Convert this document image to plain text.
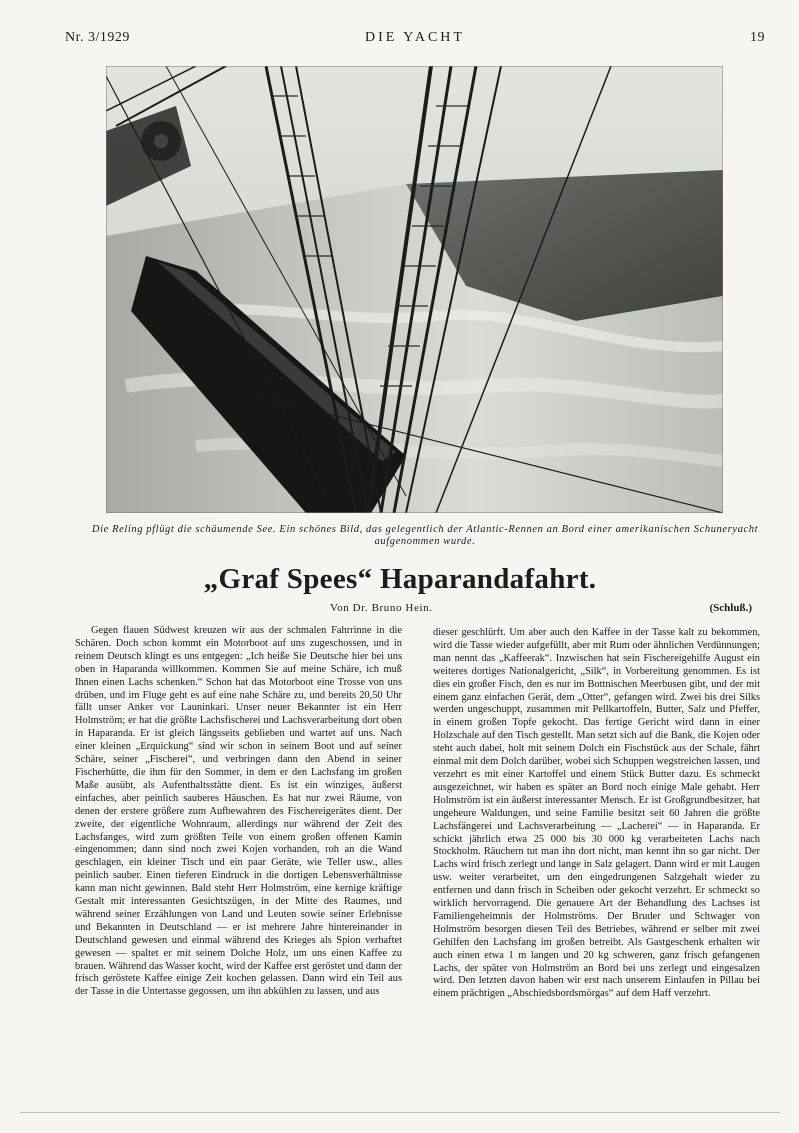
Nr. 3/1929	DIE YACHT	19
Die Reling pflügt die schäumende See. Ein schönes Bild, das gelegentlich der Atlantic-Rennen an Bord einer amerikanischen Schuneryacht aufgenommen wurde.
„Graf Spees“ Haparandafahrt.
Von Dr. Bruno Hein.	(Schluß.)

Gegen flauen Südwest kreuzen wir aus der schmalen Fahrrinne in die Schären. Doch schon kommt ein Motorboot auf uns zugeschossen, und in reinem Deutsch klingt es uns entgegen: „Ich heiße Sie Deutsche hier bei uns oben in Haparanda willkommen. Kommen Sie auf meine Schäre, ich muß Ihnen einen Lachs schenken.“ Schon hat das Motorboot eine Trosse von uns drüben, und im Fluge geht es auf eine nahe Schäre zu, und bereits 20,50 Uhr fällt unser Anker vor Launinkari. Unser neuer Bekannter ist ein Herr Holmström; er hat die größte Lachsfischerei und Lachsverarbeitung dort oben in Haparanda. Er ist gleich längsseits geblieben und wartet auf uns. Nach einer kleinen „Erquickung“ sind wir schon in seinem Boot und auf seiner Schäre, seiner „Fischerei“, und verbringen dann den Abend in seiner Fischerhütte, die ihm für den Sommer, in dem er den Lachsfang im großen Maße ausübt, als Aufenthaltsstätte dient. Es ist ein winziges, äußerst einfaches, aber peinlich sauberes Häuschen. Es hat nur zwei Räume, von denen der erstere größere zum Aufbewahren des Fischereigerätes dient. Der zweite, der eigentliche Wohnraum, allerdings nur während der Zeit des Lachsfanges, wird zum größten Teile von einem großen offenen Kamin eingenommen; dann sind noch zwei Kojen vorhanden, roh an die Wand geschlagen, ein kleiner Tisch und ein paar Geräte, wie Teller usw., alles peinlich sauber. Einen tieferen Eindruck in die dortigen Lebensverhältnisse kann man nicht gewinnen. Bald steht Herr Holmström, eine kernige kräftige Gestalt mit interessanten Gesichtszügen, in der Mitte des Raumes, und während seiner Erzählungen von Land und Leuten sowie seiner Erlebnisse und Bekannten in Deutschland — er ist mehrere Jahre hintereinander in Deutschland gewesen und einmal während des Krieges als Spion verhaftet gewesen — spaltet er mit seinem Dolche Holz, um uns einen Kaffee zu brauen. Während das Wasser kocht, wird der Kaffee erst geröstet und dann der frisch geröstete Kaffee einige Zeit kochen gelassen. Dann wird ein Teil aus der Tasse in die Untertasse gegossen, um ihn abkühlen zu lassen, und aus

dieser geschlürft. Um aber auch den Kaffee in der Tasse kalt zu bekommen, wird die Tasse wieder aufgefüllt, aber mit Rum oder ähnlichen Verdünnungen; man nennt das „Kaffeerak“. Inzwischen hat sein Fischereigehilfe August ein weiteres dortiges Nationalgericht, „Silk“, in Vorbereitung genommen. Es ist dies ein großer Fisch, den es nur im Bottnischen Meerbusen gibt, und der mit einem ganz einfachen Gerät, dem „Otter“, gefangen wird. Zwei bis drei Silks werden ungeschuppt, zusammen mit Pellkartoffeln, Butter, Salz und Pfeffer, in einem großen Topfe gekocht. Das fertige Gericht wird dann in einer Holzschale auf den Tisch gestellt. Man setzt sich auf die Bank, die Kojen oder steht auch dabei, holt mit seinem Dolch ein Fischstück aus der Schale, fährt einmal mit dem Dolch darüber, wobei sich Schuppen wegstreichen lassen, und verzehrt es mit einer Kartoffel und einem Stück Butter dazu. Es schmeckt ausgezeichnet, wir haben es später an Bord noch einige Male gehabt. Herr Holmström ist ein äußerst interessanter Mensch. Er ist Großgrundbesitzer, hat ungeheure Waldungen, und seine Familie besitzt seit 60 Jahren die größte Lachsfängerei und Lachsverarbeitung — „Lacherei“ — in Haparanda. Er schickt jährlich etwa 25 000 bis 30 000 kg verarbeiteten Lachs nach Stockholm. Räuchern tut man ihn dort nicht, man kennt ihn so gar nicht. Der Lachs wird frisch zerlegt und lange in Salz gelagert. Dann wird er mit Laugen usw. weiter verarbeitet, um den eingedrungenen Salzgehalt wieder zu entfernen und dann frisch in Scheiben oder gekocht verzehrt. Er schmeckt so wirklich hervorragend. Die genauere Art der Behandlung des Lachses ist Familiengeheimnis der Holmströms. Der Bruder und Schwager von Holmström besorgen diesen Teil des Betriebes, während er selber mit zwei Gehilfen den Lachsfang im großen betreibt. Als Gastgeschenk erhalten wir auch einen etwa 1 m langen und 20 kg schweren, ganz frisch gefangenen Lachs, der später von Holmström an Bord bei uns zerlegt und eingesalzen wird. Den letzten davon haben wir erst nach unserem Einlaufen in Pillau bei einem prächtigen „Abschiedsbordsmörgas“ auf dem Haff verzehrt.
